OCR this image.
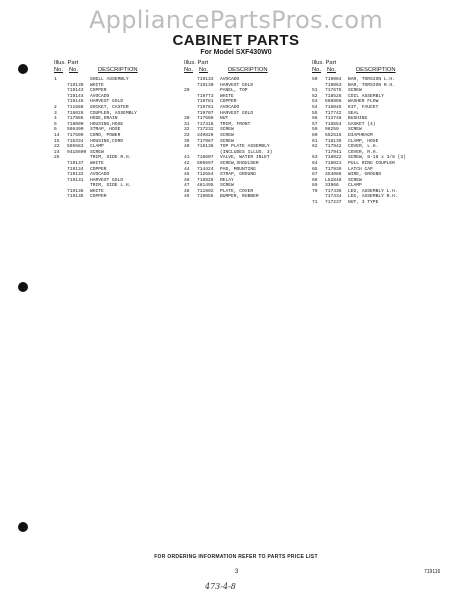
AppliancePartsPros.com
CABINET PARTS
For Model SXF430W0
Illus. Part
No. No.	DESCRIPTION
1	SHELL ASSEMBLY
719139 WHITE
719143 COPPER
719144 AVOCADO
719145 HARVEST GOLD
2 711566 SOCKET, CASTER
3 716026 COUPLER, ASSEMBLY
4 717986 HOSE,DRAIN
5 718000 HOUSING,HOSE
6 596490 STRAP, HOSE
14 717609 CORD, POWER
15 716334 HOUSING,CORD
22 596583 CLAMP
24 9415600 SCREW
26	TRIM, SIDE R.H.
719137 WHITE
719134 COPPER
719132 AVOCADO
719131 HARVEST GOLD
TRIM, SIDE L.H.
719136 WHITE
719135 COPPER
Illus. Part
No. No.	DESCRIPTION
719133 AVOCADO
719130 HARVEST GOLD
29	PANEL, TOP
719773 WHITE
719781 COPPER
719781 AVOCADO
719707 HARVEST GOLD
30 717668 NUT
31 717418 TRIM, FRONT
32 717232 SCREW
33 349826 SCREW
39 717967 SCREW
40 716136 TOP PLATE ASSEMBLY
(INCLUDES ILLUS. 3)
41 718607 VALVE, WATER INLET
42 596697 SCREW,SHOULDER
44 714424 PAD, MOUNTING
45 712654 STRAP, GROUND
46 718926 RELAY
47 481495 SCREW
48 711992 PLATE, COVER
49 719055 BUMPER, RUBBER
Illus. Part
No. No.	DESCRIPTION
50 719064 BAR, TORSION L.H.
719063 BAR, TORSION R.H.
51 717675 SCREW
52 718526 COIL ASSEMBLY
53 568868 WASHER FLOW
54 718045 KIT, FAUCET
55 717742 SEAL
56 713748 BUSHING
57 718554 GASKET (4)
59 98259 SCREW
60 552515 DIAPHRAGM
61 718139 CLAMP, HOSE
62 717942 COVER, L.H.
717941 COVER, R.H.
63 718022 SCREW, 8-18 x 3/8 (3)
64 718021 PULL RING COUPLER
65 717939 LATCH CAP
67 354086 WIRE, GROUND
68 L52848 SCREW
69 33966 CLAMP
70 717436 LEG, ASSEMBLY L.H.
717434 LEG, ASSEMBLY R.H.
71 717237 NUT, 3 TYPE
FOR ORDERING INFORMATION REFER TO PARTS PRICE LIST
3	719116
473-4-8
